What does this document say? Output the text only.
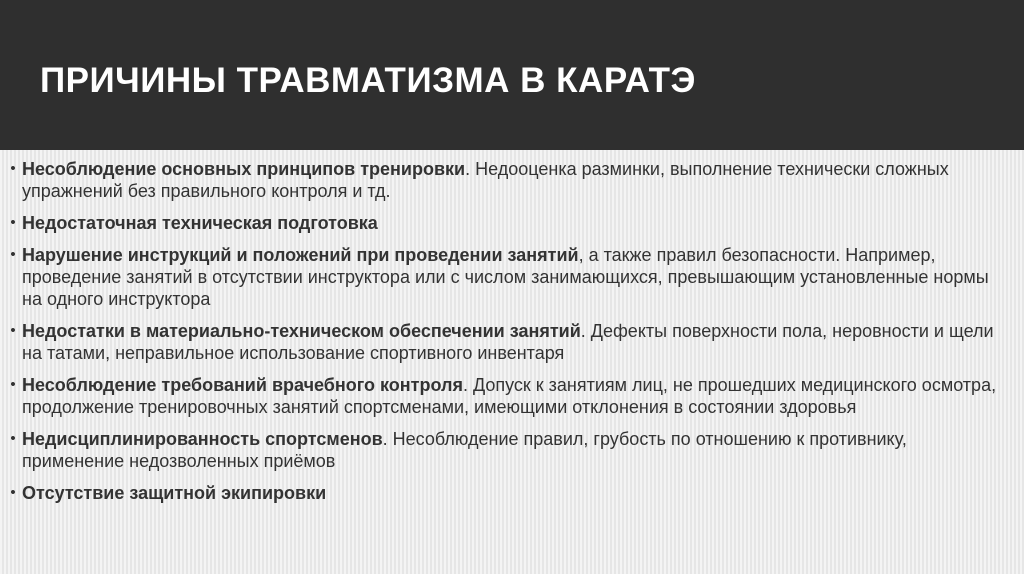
ПРИЧИНЫ ТРАВМАТИЗМА В КАРАТЭ
• Несоблюдение основных принципов тренировки. Недооценка разминки, выполнение технически сложных упражнений без правильного контроля и тд.
• Недостаточная техническая подготовка
• Нарушение инструкций и положений при проведении занятий, а также правил безопасности. Например, проведение занятий в отсутствии инструктора или с числом занимающихся, превышающим установленные нормы на одного инструктора
• Недостатки в материально-техническом обеспечении занятий. Дефекты поверхности пола, неровности и щели на татами, неправильное использование спортивного инвентаря
• Несоблюдение требований врачебного контроля. Допуск к занятиям лиц, не прошедших медицинского осмотра, продолжение тренировочных занятий спортсменами, имеющими отклонения в состоянии здоровья
• Недисциплинированность спортсменов. Несоблюдение правил, грубость по отношению к противнику, применение недозволенных приёмов
• Отсутствие защитной экипировки
